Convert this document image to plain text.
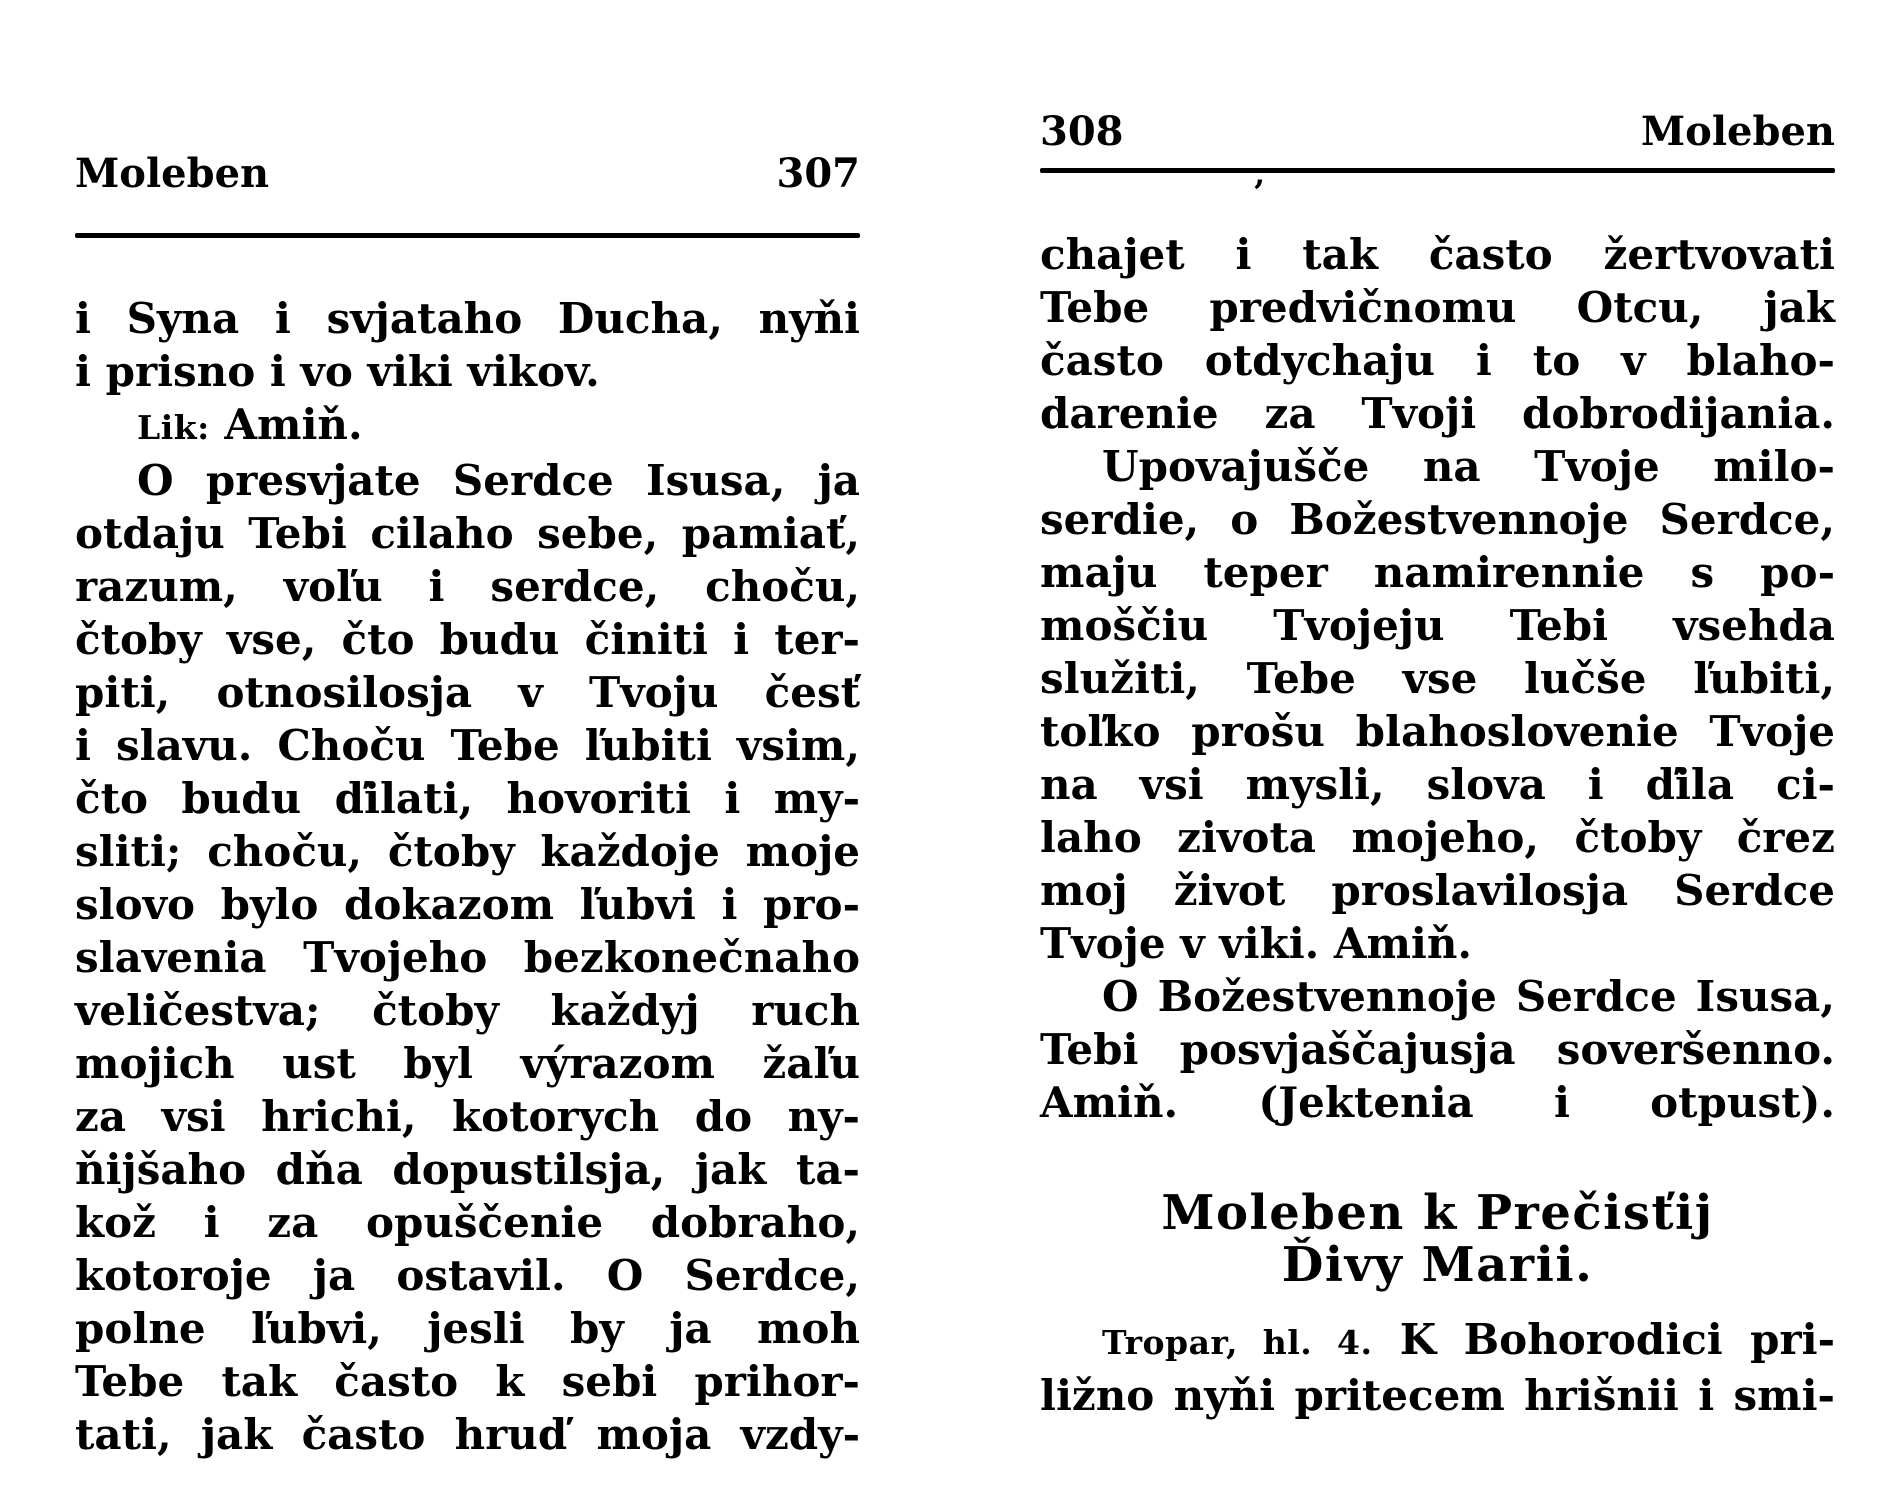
Moleben	307
i Syna i svjataho Ducha, nyňi
i prisno i vo viki vikov.
Lik: Amiň.
O presvjate Serdce Isusa, ja
otdaju Tebi cilaho sebe, pamiať,
razum, voľu i serdce, choču,
čtoby vse, čto budu činiti i ter-
piti, otnosilosja v Tvoju česť
i slavu. Choču Tebe ľubiti vsim,
čto budu ďilati, hovoriti i my-
sliti; choču, čtoby každoje moje
slovo bylo dokazom ľubvi i pro-
slavenia Tvojeho bezkonečnaho
veličestva; čtoby každyj ruch
mojich ust byl výrazom žaľu
za vsi hrichi, kotorych do ny-
ňijšaho dňa dopustilsja, jak ta-
kož i za opuščenie dobraho,
kotoroje ja ostavil. O Serdce,
polne ľubvi, jesli by ja moh
Tebe tak často k sebi prihor-
tati, jak často hruď moja vzdy-
308	Moleben
’
chajet i tak často žertvovati
Tebe predvičnomu Otcu, jak
často otdychaju i to v blaho-
darenie za Tvoji dobrodijania.
Upovajušče na Tvoje milo-
serdie, o Božestvennoje Serdce,
maju teper namirennie s po-
moščiu Tvojeju Tebi vsehda
služiti, Tebe vse lučše ľubiti,
toľko prošu blahoslovenie Tvoje
na vsi mysli, slova i ďila ci-
laho zivota mojeho, čtoby črez
moj život proslavilosja Serdce
Tvoje v viki. Amiň.
O Božestvennoje Serdce Isusa,
Tebi posvjaščajusja soveršenno.
Amiň. (Jektenia i otpust).
Moleben k Prečisťij
Ďivy Marii.
Tropar, hl. 4. K Bohorodici pri-
ližno nyňi pritecem hrišnii i smi-
